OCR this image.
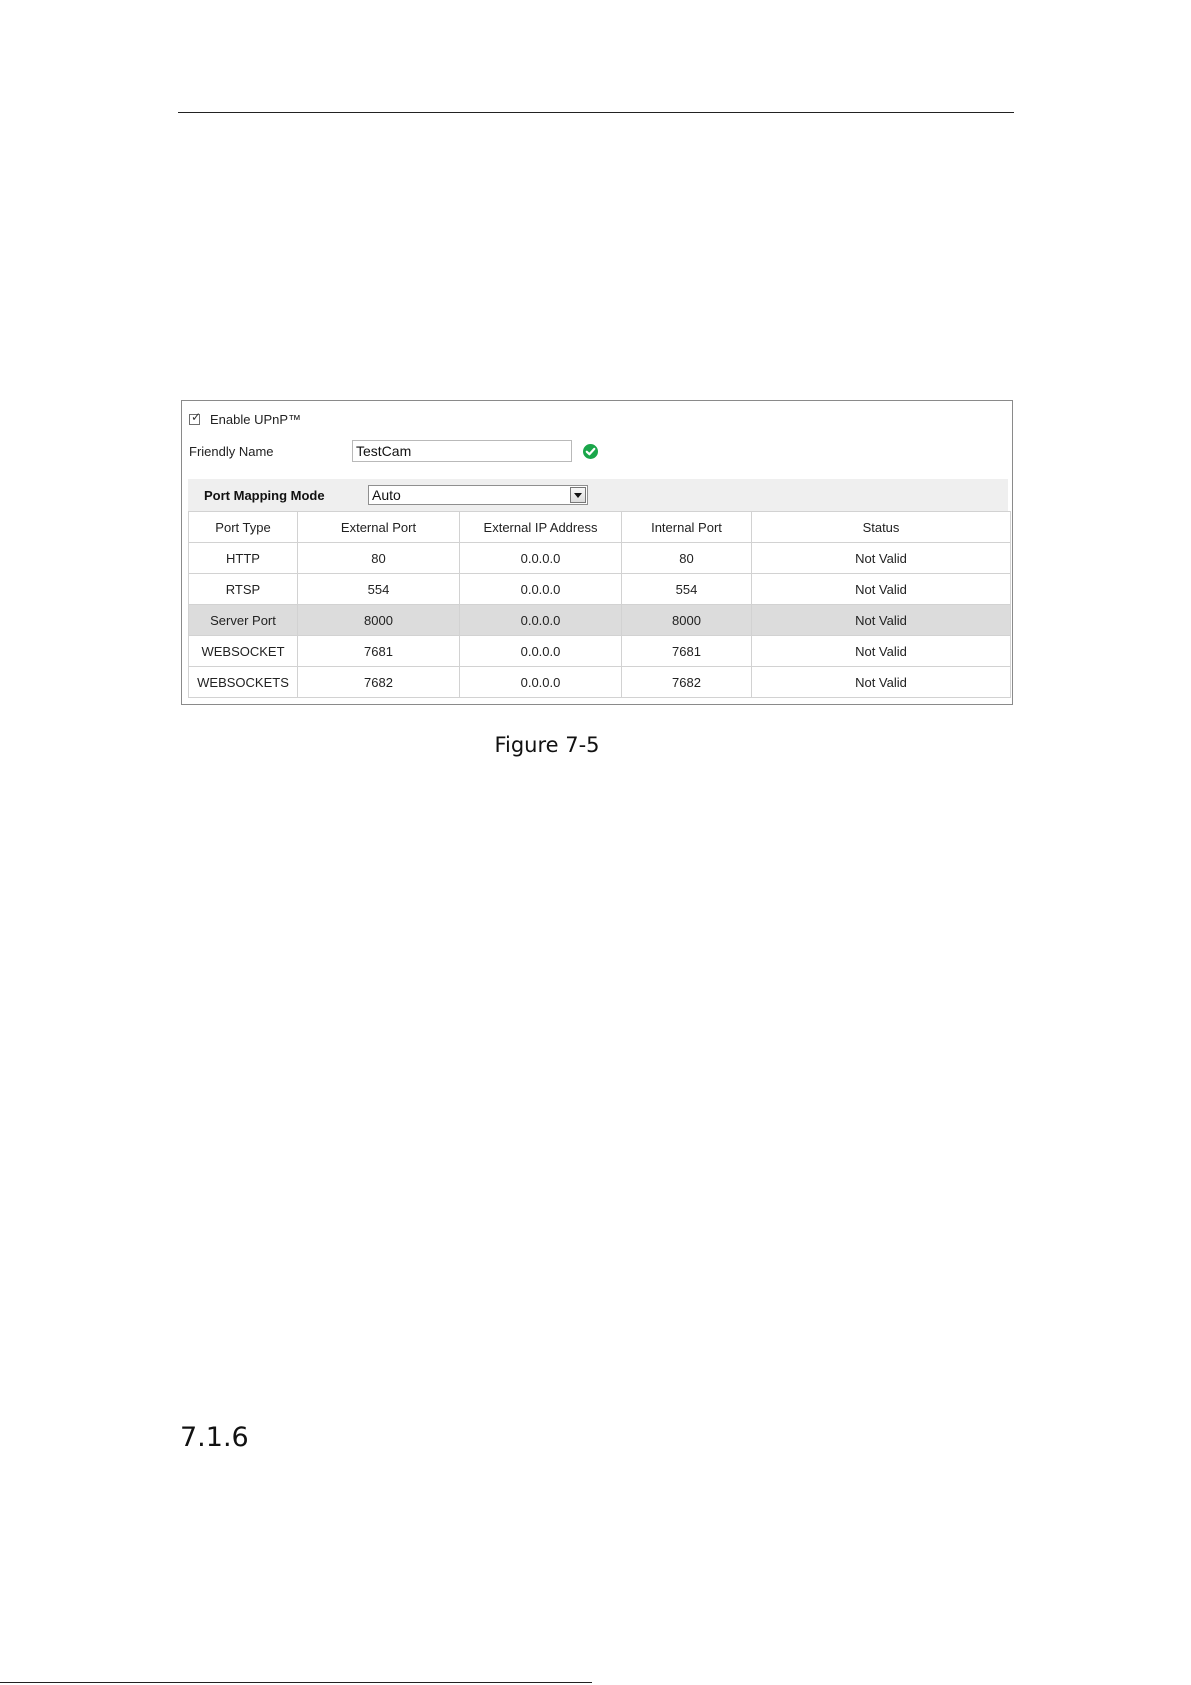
✓ Enable UPnP™
Friendly Name
TestCam
Port Mapping Mode	Auto
Port Type	External Port	External IP Address	Internal Port	Status
HTTP	80	0.0.0.0	80	Not Valid
RTSP	554	0.0.0.0	554	Not Valid
Server Port	8000	0.0.0.0	8000	Not Valid
WEBSOCKET	7681	0.0.0.0	7681	Not Valid
WEBSOCKETS	7682	0.0.0.0	7682	Not Valid
Figure 7-5
7.1.6
